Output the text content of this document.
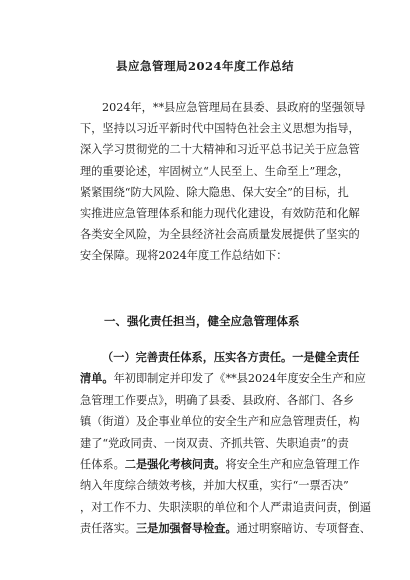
县应急管理局2024年度工作总结
2024年，**县应急管理局在县委、县政府的坚强领导
下，坚持以习近平新时代中国特色社会主义思想为指导，
深入学习贯彻党的二十大精神和习近平总书记关于应急管
理的重要论述，牢固树立“人民至上、生命至上”理念，
紧紧围绕“防大风险、除大隐患、保大安全”的目标，扎
实推进应急管理体系和能力现代化建设，有效防范和化解
各类安全风险，为全县经济社会高质量发展提供了坚实的
安全保障。现将2024年度工作总结如下：
一、强化责任担当，健全应急管理体系
（一）完善责任体系，压实各方责任。一是健全责任
清单。年初即制定并印发了《**县2024年度安全生产和应
急管理工作要点》，明确了县委、县政府、各部门、各乡
镇（街道）及企事业单位的安全生产和应急管理责任，构
建了“党政同责、一岗双责、齐抓共管、失职追责”的责
任体系。二是强化考核问责。将安全生产和应急管理工作
纳入年度综合绩效考核，并加大权重，实行“一票否决”
，对工作不力、失职渎职的单位和个人严肃追责问责，倒逼
责任落实。三是加强督导检查。通过明察暗访、专项督查、
